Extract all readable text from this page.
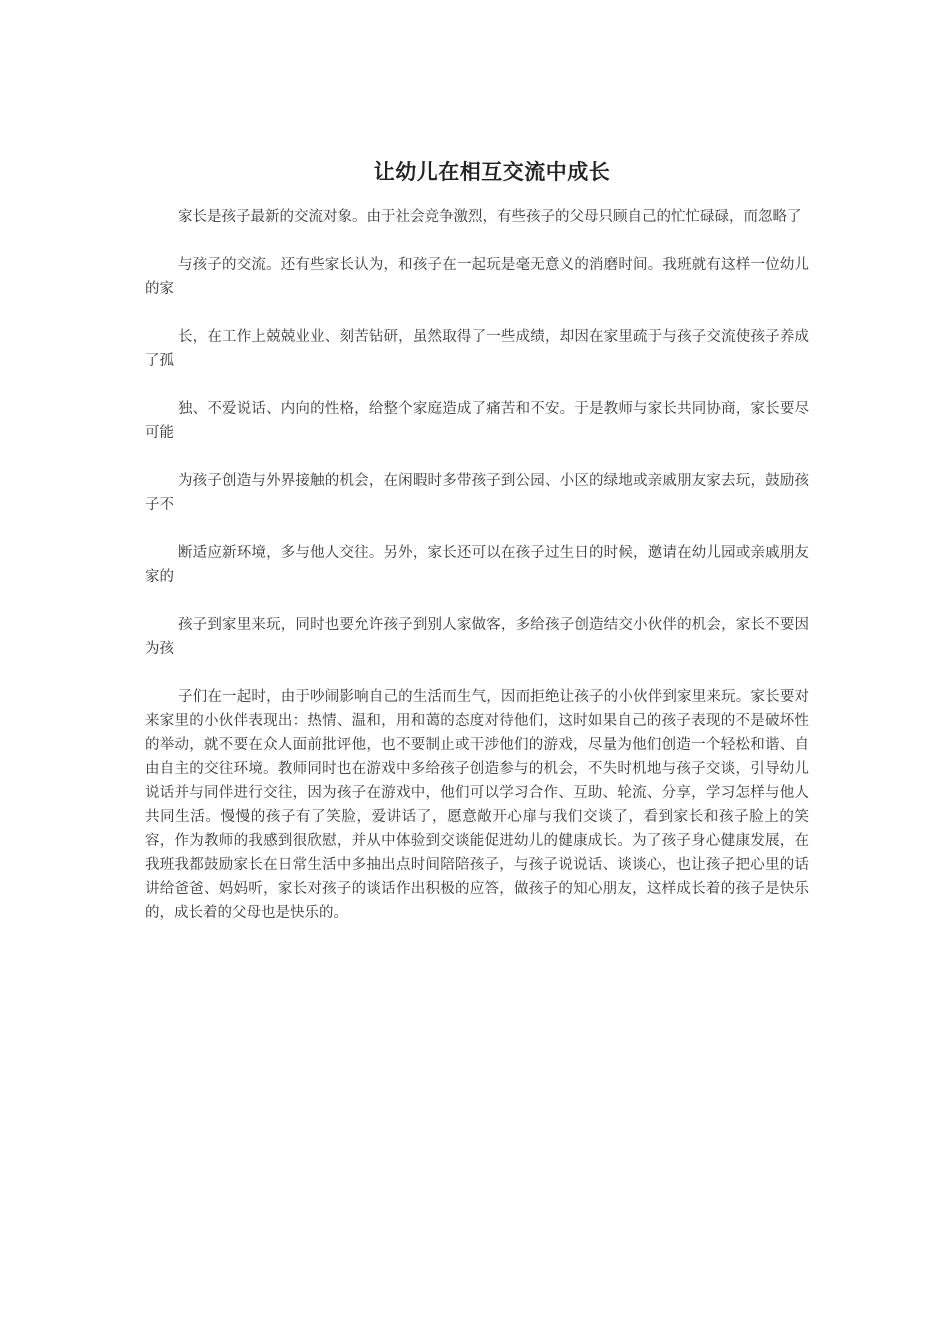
让幼儿在相互交流中成长

家长是孩子最新的交流对象。由于社会竞争激烈，有些孩子的父母只顾自己的忙忙碌碌，而忽略了

与孩子的交流。还有些家长认为，和孩子在一起玩是毫无意义的消磨时间。我班就有这样一位幼儿的家

长，在工作上兢兢业业、刻苦钻研，虽然取得了一些成绩，却因在家里疏于与孩子交流使孩子养成了孤

独、不爱说话、内向的性格，给整个家庭造成了痛苦和不安。于是教师与家长共同协商，家长要尽可能

为孩子创造与外界接触的机会，在闲暇时多带孩子到公园、小区的绿地或亲戚朋友家去玩，鼓励孩子不

断适应新环境，多与他人交往。另外，家长还可以在孩子过生日的时候，邀请在幼儿园或亲戚朋友家的

孩子到家里来玩，同时也要允许孩子到别人家做客，多给孩子创造结交小伙伴的机会，家长不要因为孩

子们在一起时，由于吵闹影响自己的生活而生气，因而拒绝让孩子的小伙伴到家里来玩。家长要对来家里的小伙伴表现出：热情、温和，用和蔼的态度对待他们，这时如果自己的孩子表现的不是破坏性的举动，就不要在众人面前批评他，也不要制止或干涉他们的游戏，尽量为他们创造一个轻松和谐、自由自主的交往环境。教师同时也在游戏中多给孩子创造参与的机会，不失时机地与孩子交谈，引导幼儿说话并与同伴进行交往，因为孩子在游戏中，他们可以学习合作、互助、轮流、分享，学习怎样与他人共同生活。慢慢的孩子有了笑脸，爱讲话了，愿意敞开心扉与我们交谈了，看到家长和孩子脸上的笑容，作为教师的我感到很欣慰，并从中体验到交谈能促进幼儿的健康成长。为了孩子身心健康发展，在我班我都鼓励家长在日常生活中多抽出点时间陪陪孩子，与孩子说说话、谈谈心，也让孩子把心里的话讲给爸爸、妈妈听，家长对孩子的谈话作出积极的应答，做孩子的知心朋友，这样成长着的孩子是快乐的，成长着的父母也是快乐的。
